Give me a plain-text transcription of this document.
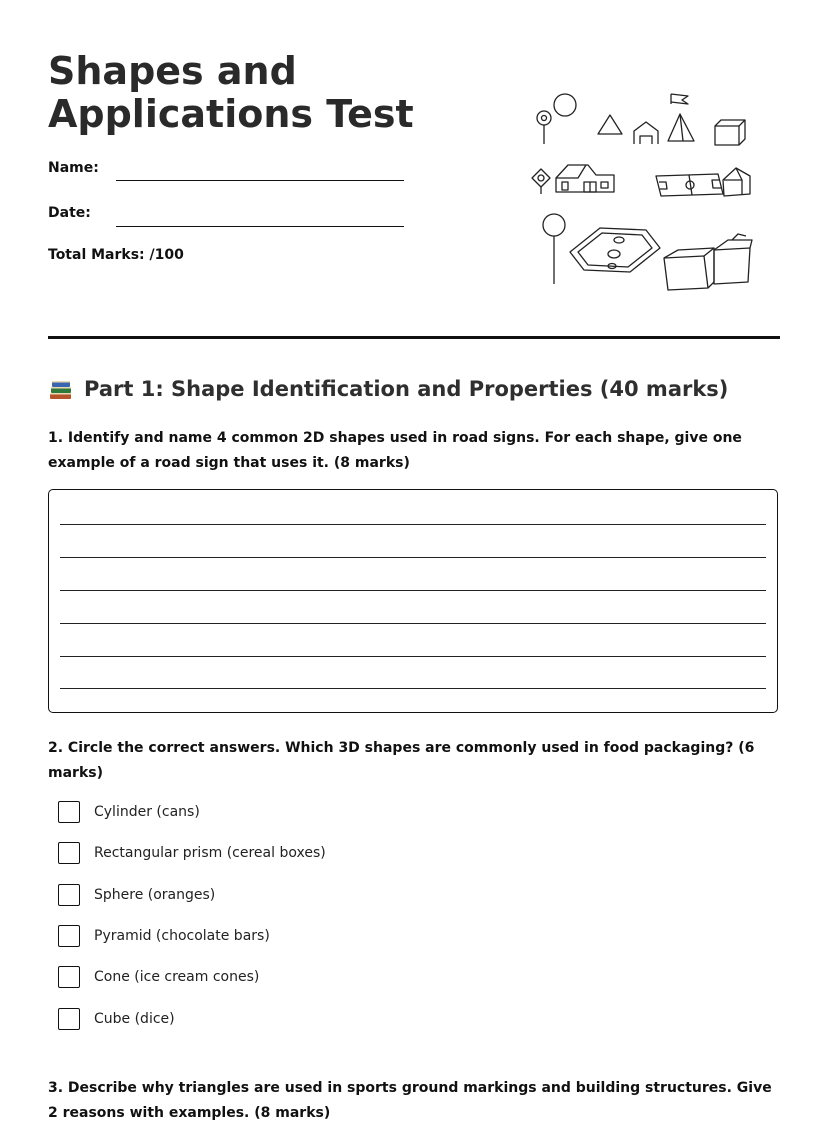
Shapes and Applications Test
Name:
Date:
Total Marks: /100
Part 1: Shape Identification and Properties (40 marks)
1. Identify and name 4 common 2D shapes used in road signs. For each shape, give one example of a road sign that uses it. (8 marks)
2. Circle the correct answers. Which 3D shapes are commonly used in food packaging? (6 marks)
Cylinder (cans)
Rectangular prism (cereal boxes)
Sphere (oranges)
Pyramid (chocolate bars)
Cone (ice cream cones)
Cube (dice)
3. Describe why triangles are used in sports ground markings and building structures. Give 2 reasons with examples. (8 marks)
